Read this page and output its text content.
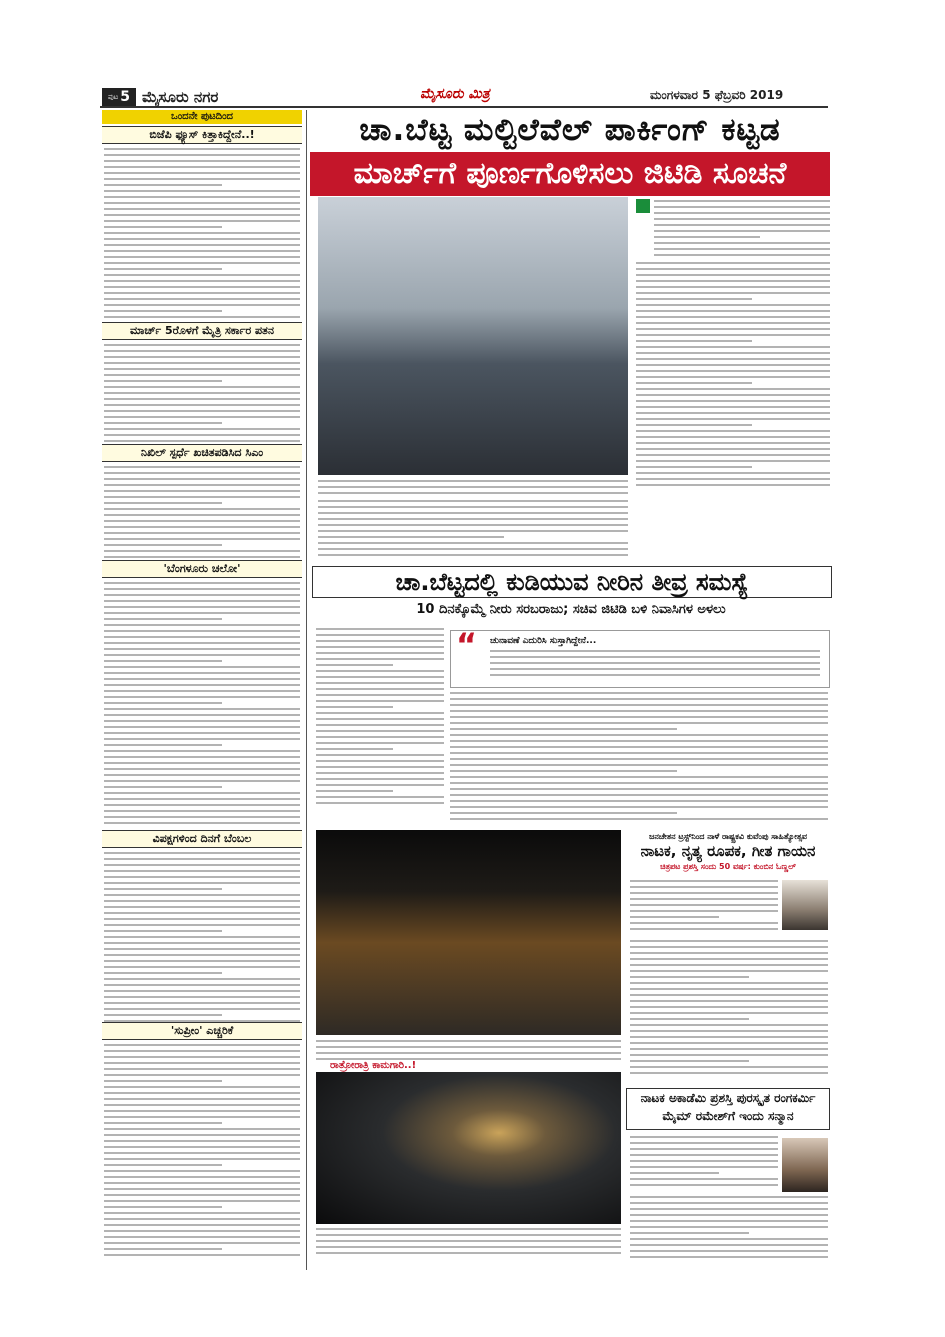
ಪುಟ 5 ಮೈಸೂರು ನಗರ	ಮೈಸೂರು ಮಿತ್ರ	ಮಂಗಳವಾರ 5 ಫೆಬ್ರವರಿ 2019
ಒಂದನೇ ಪುಟದಿಂದ
ಬಿಜೆಪಿ ಫ್ಯೂಸ್ ಕಿತ್ತಾಕಿದ್ದೇನೆ..!
ಮಾರ್ಚ್ 5ರೊಳಗೆ ಮೈತ್ರಿ ಸರ್ಕಾರ ಪತನ
ನಿಖಿಲ್ ಸ್ಪರ್ಧೆ ಖಚಿತಪಡಿಸಿದ ಸಿಎಂ
'ಬೆಂಗಳೂರು ಚಲೋ'
ವಿಪಕ್ಷಗಳಿಂದ ದಿನಗೆ ಬೆಂಬಲ
'ಸುಪ್ರೀಂ' ಎಚ್ಚರಿಕೆ
ಚಾ.ಬೆಟ್ಟ ಮಲ್ಟಿಲೆವೆಲ್ ಪಾರ್ಕಿಂಗ್ ಕಟ್ಟಡ
ಮಾರ್ಚ್‌ಗೆ ಪೂರ್ಣಗೊಳಿಸಲು ಜಿಟಿಡಿ ಸೂಚನೆ
ಚಾ.ಬೆಟ್ಟದಲ್ಲಿ ಕುಡಿಯುವ ನೀರಿನ ತೀವ್ರ ಸಮಸ್ಯೆ
10 ದಿನಕ್ಕೊಮ್ಮೆ ನೀರು ಸರಬರಾಜು; ಸಚಿವ ಜಿಟಿಡಿ ಬಳಿ ನಿವಾಸಿಗಳ ಅಳಲು
“ ಚುನಾವಣೆ ಎದುರಿಸಿ ಸುಸ್ತಾಗಿದ್ದೇನೆ...
ರಾತ್ರೋರಾತ್ರಿ ಕಾಮಗಾರಿ..!
ಜನಚೇತನ ಟ್ರಸ್ಟ್‌ನಿಂದ ನಾಳೆ ರಾಷ್ಟ್ರಕವಿ ಕುವೆಂಪು ಸಾಹಿತ್ಯೋತ್ಸವ
ನಾಟಕ, ನೃತ್ಯ ರೂಪಕ, ಗೀತ ಗಾಯನ
ಚಿತ್ರಪಟ ಪ್ರಶಸ್ತಿ ಸಂದು 50 ವರ್ಷ: ಕುಂಬಿನ ಓಣ್ಣಲ್
ನಾಟಕ ಅಕಾಡೆಮಿ ಪ್ರಶಸ್ತಿ ಪುರಸ್ಕೃತ ರಂಗಕರ್ಮಿ
ಮೈಮ್ ರಮೇಶ್‌ಗೆ ಇಂದು ಸನ್ಮಾನ
